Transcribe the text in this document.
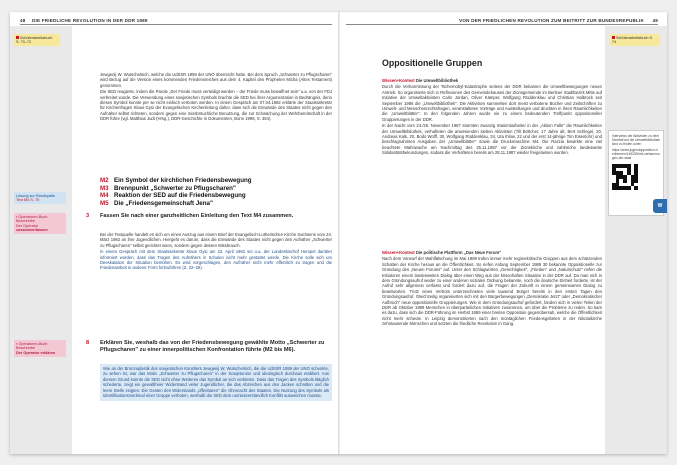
48 DIE FRIEDLICHE REVOLUTION IN DER DDR 1989	VON DER FRIEDLICHEN REVOLUTION ZUM BEITRITT ZUR BUNDESREPUBLIK 49
Schülerarbeitsbuch
S. 70–72
Lösung zur Randspalte
Text M4 S. 70
▪ Operatoren-Buch
Beschreibe
Der Operator
zusammenfassen
▪ Operatoren-Buch
Beschreibe
Der Operator erklären

Jewgenij W. Wutschetisch, welche die UdSSR 1959 der UNO überreicht hatte. Bei dem Spruch „Schwerter zu Pflugscharen" wird Bezug auf die Version eines kommenden Friedensreiches aus dem 4. Kapitel des Propheten Micha (Altes Testament) genommen.

Die SED reagierte, indem die Parole „Der Friede muss verteidigt werden – der Friede muss bewaffnet sein" u.a. von der FDJ verbreitet wurde. Die Verwendung eines sowjetischen Symbols brachte die SED bei ihrer Argumentation in Bedrängnis, denn dieses Symbol konnte per se nicht einfach verboten werden. In einem Gespräch am 07.04.1982 erklärte der Staatssekretär für Kirchenfragen Klaus Gysi der Evangelischen Kirchenleitung daher, dass sich die Einwände des Staates nicht gegen den Aufnäher selbst richteten, sondern gegen eine missbräuchliche Benutzung, die zur Schwächung der Wehrbereitschaft in der DDR führe (vgl. Matthias Judt (Hrsg.), DDR-Geschichte in Dokumenten, Bonn 1998, S. 394).

M2 Ein Symbol der kirchlichen Friedensbewegung
M3 Brennpunkt „Schwerter zu Pflugscharen"
M4 Reaktion der SED auf die Friedensbewegung
M5 Die „Friedensgemeinschaft Jena"
3 Fassen Sie nach einer ganzheitlichen Einleitung den Text M4 zusammen.

Bei der Textquelle handelt es sich um einen Auszug aus einem Brief der Evangelisch-Lutherischen Kirche Sachsens vom 24. März 1982 an ihre Jugendlichen. Hiergeht es darum, dass die Einwände des Staates nicht gegen den Aufnäher „Schwerter zu Pflugscharen" selbst gerichtet seien, sondern gegen dessen Missbrauch.

In einem Gespräch mit dem Staatssekretär Klaus Gysi am 22. April 1982 sei u.a. der Landesbischof Hempel darüber informiert worden, dass das Tragen des Aufnähers in Schulen nicht mehr gestattet werde. Die Kirche solle sich um Deeskalation der Situation bemühen. Es wird vorgeschlagen, den Aufnäher nicht mehr öffentlich zu tragen und die Friedensarbeit in anderer Form fortzuführen (Z. 22–29).

8 Erklären Sie, weshalb das von der Friedensbewegung gewählte Motto „Schwerter zu Pflugscharen" zu einer innerpolitischen Konfrontation führte (M2 bis M6).

Wie an der Bronzeplastik des sowjetischen Künstlers Jewgenij W. Wutschetisch, die die UdSSR 1959 der UNO schenkte, zu sehen ist, war das Motiv „Schwerter zu Pflugscharen" in der Sowjetunion und ideologisch durchaus etabliert. Aus diesem Grund konnte die SED nicht ohne Weiteres das Symbol an sich verbieten. Dass das Tragen des Symbols kläglich scheiterte, zeigt ein gewaltfreier Widerstand vieler Jugendlicher, die das Abzeichen aus den Jacken schnitten und die leere Stelle zeigten. Die Gesten des Widerstands „offenbaren" die Ohnmacht des Staates. Die Nutzung des Symbols als Identifikationsmerkmal einer Gruppe verboten, weshalb die SED dem unmissverständlich Konflikt ausweichen musste.

Oppositionelle Gruppen

Wissen+Kontext Die Umweltbibliothek

Durch die Verharmlosung der Tschernobyl-Katastrophe seitens der DDR bekamen die Umweltbewegungen neuen Antrieb. So organisierte sich in Reflexionen des Gemeindehauses der Zionsgemeinde im Berliner Stadtbezirk Mitte auf Initiative der Umweltaktivisten Carlo Jordan, Oliver Kämper, Wolfgang Rüddenklau und Christian Halbrock seit September 1986 die „Umweltbibliothek". Die Aktivisten sammelten dort meist verbotene Bücher und Zeitschriften zu Umwelt- und Menschenrechtsfragen, veranstalteten Vorträge und Ausstellungen und druckten in ihren Räumlichkeiten die „Umweltblätter". In den folgenden Jahren wurde sie zu einem bedeutenden Treffpunkt oppositioneller Gruppierungen in der DDR.

In der Nacht vom 24./25. November 1987 stürmten zwanzig Stasimitarbeiter in der „Aktion Falle" die Räumlichkeiten der Umweltbibliothek, verhafteten die anwesenden sieben Aktivisten (Till Böttcher, 17 Jahre alt, Bert Schlegel, 20, Andreas Kalk, 20, Bodo Wolff, 30, Wolfgang Rüddenklau, 34, Uta Ihlow, 22 und der erst 14-jährige Tim Eisenlohr) und beschlagnahmten Ausgaben der „Umweltblätter" sowie die Druckmaschine M4. Die Razzia bewirkte eine viel beachtete Mahnwache am Nachmittag des 25.11.1987 vor der Zionskirche und zahlreiche landesweite Solidaritätsbekundungen, sodass die Verhafteten bereits am 28.11.1987 wieder freigelassen wurden.

Wissen+Kontext Die politische Plattform „Das Neue Forum"

Nach dem Vorwurf der Wahlfälschung im Mai 1989 trafen immer mehr regimekritische Gruppen aus dem schützenden Schatten der Kirche heraus an die Öffentlichkeit. So riefen Anfang September 1989 30 bekannte Oppositionelle zur Gründung des „Neuen Forums" auf. Unter den Schlagworten „Gerechtigkeit", „Frieden" und „Naturschutz" riefen die Initiatoren einem landesweiten Dialog über einen Weg aus der krisenhaften Situation in der DDR auf. Da man sich in dem Gründungsaufruf weder zu einer anderen sozialen Ordnung bekannte, noch die deutsche Einheit forderte, ist der Aufruf sehr allgemein verfasst und fordert dazu auf, die Fragen der Zukunft in einem gemeinsamen Dialog zu beantworten. Trotz eines Verbots unterzeichneten viele tausend Bürger bereits in den ersten Tagen den Gründungsaufruf. Gleichzeitig organisierten sich mit den Bürgerbewegungen „Demokratie Jetzt" oder „Demokratischer Aufbruch" neue oppositionelle Gruppierungen. Wie in dem Gründungsaufruf gefordert, fanden sich in vielen Teilen der DDR ab Oktober 1989 Menschen in überparteilichen Initiativen zusammen, um über die Probleme zu reden. So kam es dazu, dass sich die DDR-Führung im Herbst 1989 einer breiten Opposition gegenübersah, welche die Öffentlichkeit nicht mehr scheute. In Leipzig demonstrierten nach den montäglichen Friedensgebeten in der Nikolaikirche zehntausende Menschen und setzten die friedliche Revolution in Gang.

Schülerarbeitsbuch S. 74
Interviews der Aktivisten zu dem Überfall auf die Umweltbibliothek sind zu finden unter:
https://www.jugendopposition.de/themen/145339/mit-verbannungen-der-stasi
W
